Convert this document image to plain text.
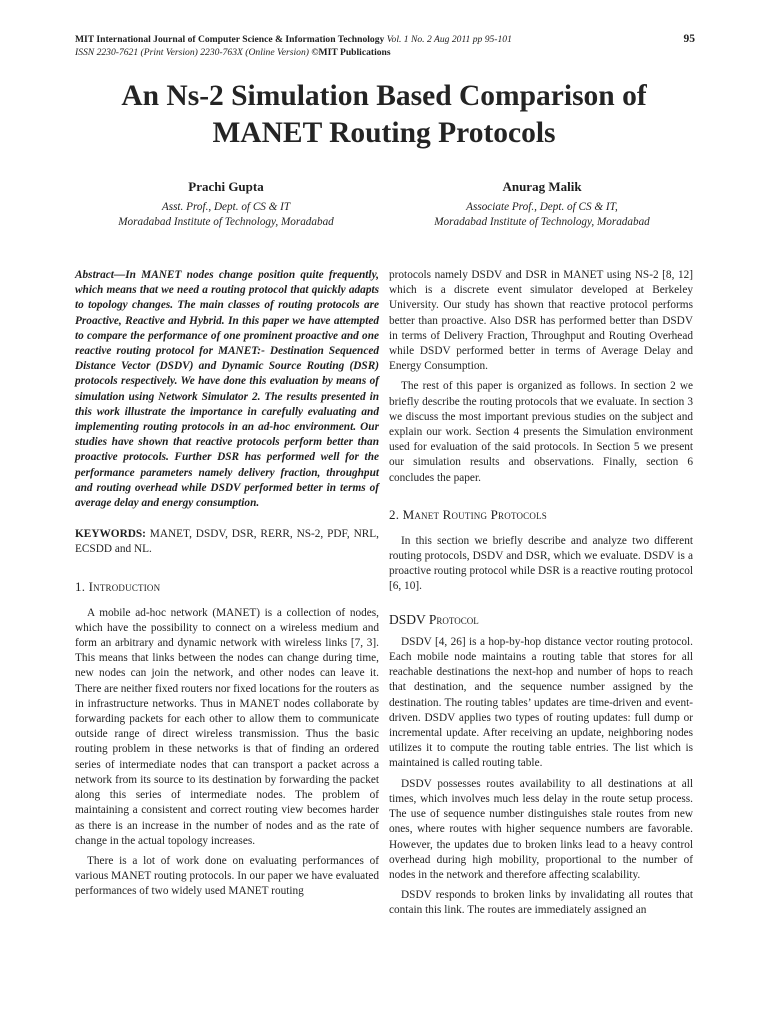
MIT International Journal of Computer Science & Information Technology Vol. 1 No. 2 Aug 2011 pp 95-101
ISSN 2230-7621 (Print Version) 2230-763X (Online Version) ©MIT Publications
95
An Ns-2 Simulation Based Comparison of
MANET Routing Protocols
Prachi Gupta
Asst. Prof., Dept. of CS & IT
Moradabad Institute of Technology, Moradabad
Anurag Malik
Associate Prof., Dept. of CS & IT,
Moradabad Institute of Technology, Moradabad

Abstract—In MANET nodes change position quite frequently, which means that we need a routing protocol that quickly adapts to topology changes. The main classes of routing protocols are Proactive, Reactive and Hybrid. In this paper we have attempted to compare the performance of one prominent proactive and one reactive routing protocol for MANET:- Destination Sequenced Distance Vector (DSDV) and Dynamic Source Routing (DSR) protocols respectively. We have done this evaluation by means of simulation using Network Simulator 2. The results presented in this work illustrate the importance in carefully evaluating and implementing routing protocols in an ad-hoc environment. Our studies have shown that reactive protocols perform better than proactive protocols. Further DSR has performed well for the performance parameters namely delivery fraction, throughput and routing overhead while DSDV performed better in terms of average delay and energy consumption.

KEYWORDS: MANET, DSDV, DSR, RERR, NS-2, PDF, NRL, ECSDD and NL.

1. Introduction

A mobile ad-hoc network (MANET) is a collection of nodes, which have the possibility to connect on a wireless medium and form an arbitrary and dynamic network with wireless links [7, 3]. This means that links between the nodes can change during time, new nodes can join the network, and other nodes can leave it. There are neither fixed routers nor fixed locations for the routers as in infrastructure networks. Thus in MANET nodes collaborate by forwarding packets for each other to allow them to communicate outside range of direct wireless transmission. Thus the basic routing problem in these networks is that of finding an ordered series of intermediate nodes that can transport a packet across a network from its source to its destination by forwarding the packet along this series of intermediate nodes. The problem of maintaining a consistent and correct routing view becomes harder as there is an increase in the number of nodes and as the rate of change in the actual topology increases.

There is a lot of work done on evaluating performances of various MANET routing protocols. In our paper we have evaluated performances of two widely used MANET routing

protocols namely DSDV and DSR in MANET using NS-2 [8, 12] which is a discrete event simulator developed at Berkeley University. Our study has shown that reactive protocol performs better than proactive. Also DSR has performed better than DSDV in terms of Delivery Fraction, Throughput and Routing Overhead while DSDV performed better in terms of Average Delay and Energy Consumption.

The rest of this paper is organized as follows. In section 2 we briefly describe the routing protocols that we evaluate. In section 3 we discuss the most important previous studies on the subject and explain our work. Section 4 presents the Simulation environment used for evaluation of the said protocols. In Section 5 we present our simulation results and observations. Finally, section 6 concludes the paper.

2. Manet Routing Protocols

In this section we briefly describe and analyze two different routing protocols, DSDV and DSR, which we evaluate. DSDV is a proactive routing protocol while DSR is a reactive routing protocol [6, 10].

DSDV Protocol

DSDV [4, 26] is a hop-by-hop distance vector routing protocol. Each mobile node maintains a routing table that stores for all reachable destinations the next-hop and number of hops to reach that destination, and the sequence number assigned by the destination. The routing tables’ updates are time-driven and event-driven. DSDV applies two types of routing updates: full dump or incremental update. After receiving an update, neighboring nodes utilizes it to compute the routing table entries. The list which is maintained is called routing table.

DSDV possesses routes availability to all destinations at all times, which involves much less delay in the route setup process. The use of sequence number distinguishes stale routes from new ones, where routes with higher sequence numbers are favorable. However, the updates due to broken links lead to a heavy control overhead during high mobility, proportional to the number of nodes in the network and therefore affecting scalability.

DSDV responds to broken links by invalidating all routes that contain this link. The routes are immediately assigned an
